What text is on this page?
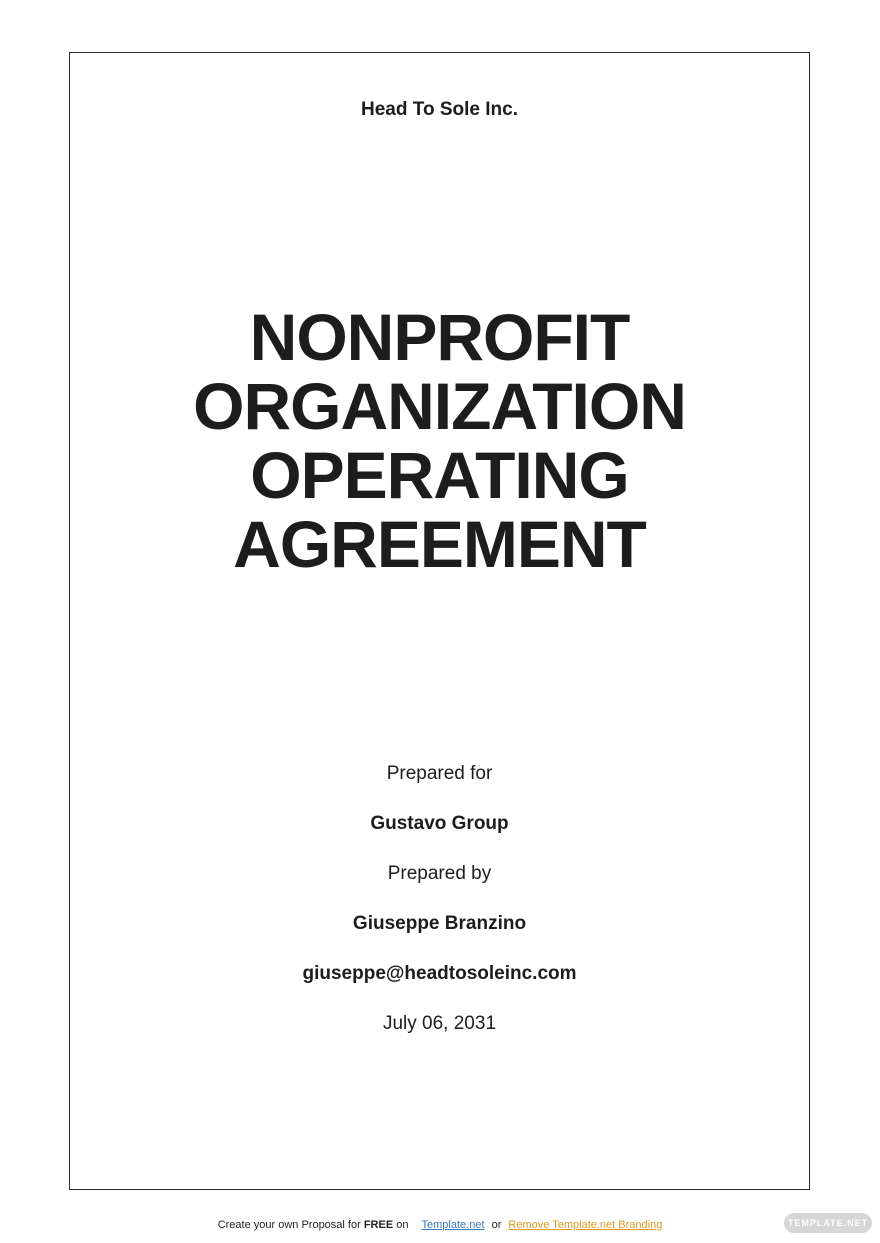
Head To Sole Inc.
NONPROFIT
ORGANIZATION
OPERATING
AGREEMENT
Prepared for
Gustavo Group
Prepared by
Giuseppe Branzino
giuseppe@headtosoleinc.com
July 06, 2031
Create your own Proposal for FREE on Template.net or Remove Template.net Branding	TEMPLATE.NET
